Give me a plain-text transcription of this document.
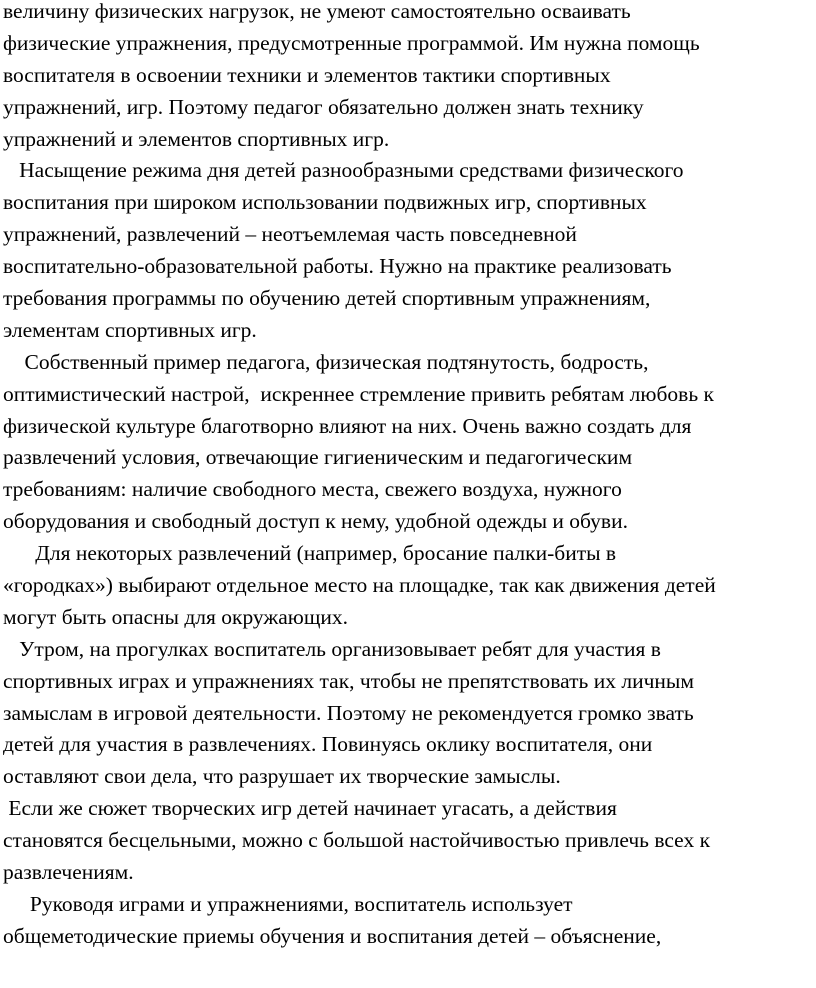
величину физических нагрузок, не умеют самостоятельно осваивать
физические упражнения, предусмотренные программой. Им нужна помощь
воспитателя в освоении техники и элементов тактики спортивных
упражнений, игр. Поэтому педагог обязательно должен знать технику
упражнений и элементов спортивных игр.
Насыщение режима дня детей разнообразными средствами физического
воспитания при широком использовании подвижных игр, спортивных
упражнений, развлечений – неотъемлемая часть повседневной
воспитательно-образовательной работы. Нужно на практике реализовать
требования программы по обучению детей спортивным упражнениям,
элементам спортивных игр.
Собственный пример педагога, физическая подтянутость, бодрость,
оптимистический настрой,  искреннее стремление привить ребятам любовь к
физической культуре благотворно влияют на них. Очень важно создать для
развлечений условия, отвечающие гигиеническим и педагогическим
требованиям: наличие свободного места, свежего воздуха, нужного
оборудования и свободный доступ к нему, удобной одежды и обуви.
Для некоторых развлечений (например, бросание палки-биты в
«городках») выбирают отдельное место на площадке, так как движения детей
могут быть опасны для окружающих.
Утром, на прогулках воспитатель организовывает ребят для участия в
спортивных играх и упражнениях так, чтобы не препятствовать их личным
замыслам в игровой деятельности. Поэтому не рекомендуется громко звать
детей для участия в развлечениях. Повинуясь оклику воспитателя, они
оставляют свои дела, что разрушает их творческие замыслы.
Если же сюжет творческих игр детей начинает угасать, а действия
становятся бесцельными, можно с большой настойчивостью привлечь всех к
развлечениям.
Руководя играми и упражнениями, воспитатель использует
общеметодические приемы обучения и воспитания детей – объяснение,
